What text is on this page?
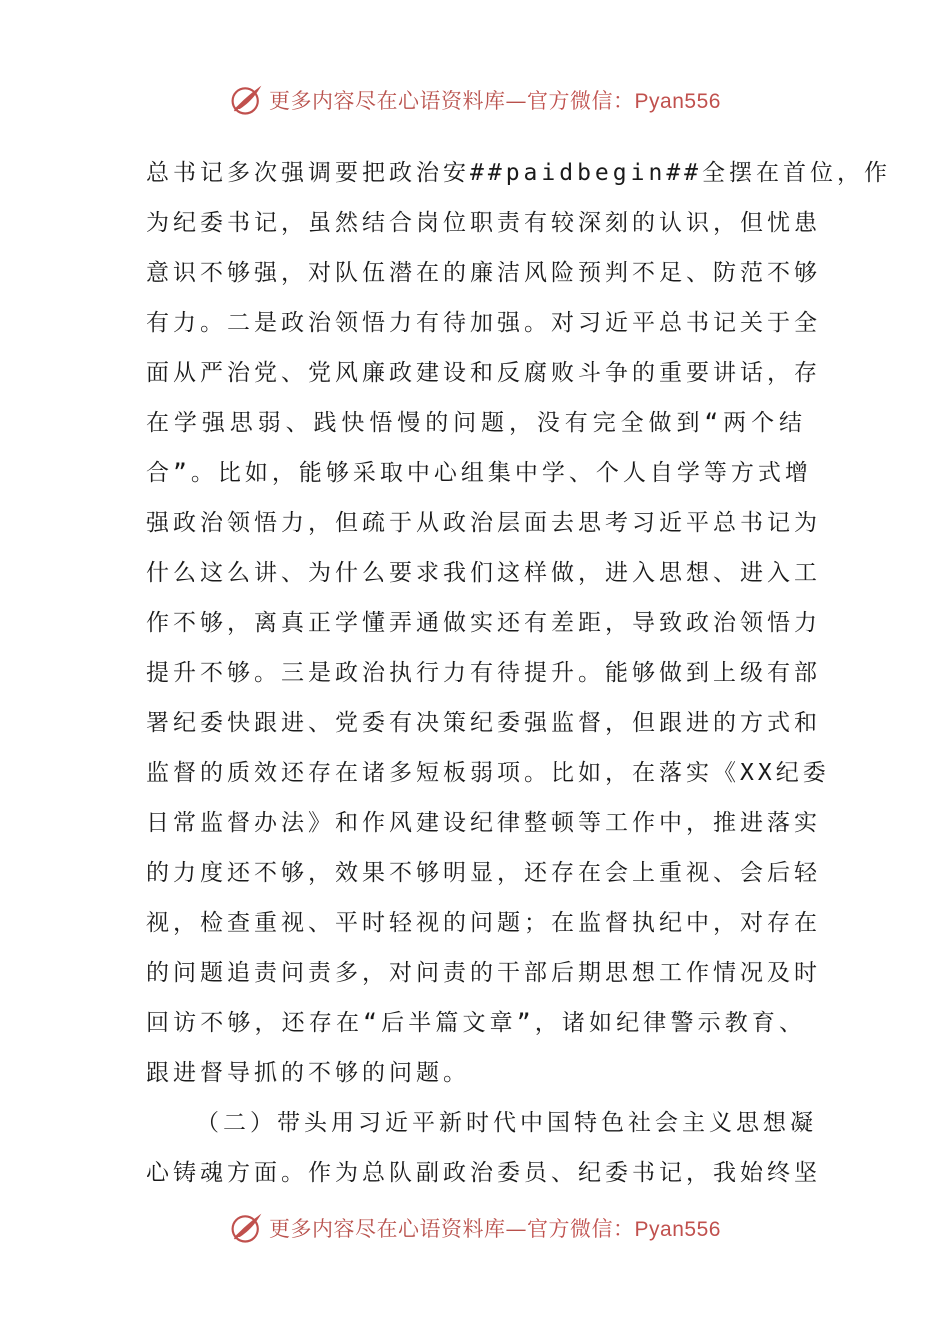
更多内容尽在心语资料库—官方微信：Pyan556
总书记多次强调要把政治安##paidbegin##全摆在首位，作
为纪委书记，虽然结合岗位职责有较深刻的认识，但忧患
意识不够强，对队伍潜在的廉洁风险预判不足、防范不够
有力。二是政治领悟力有待加强。对习近平总书记关于全
面从严治党、党风廉政建设和反腐败斗争的重要讲话，存
在学强思弱、践快悟慢的问题，没有完全做到“两个结
合”。比如，能够采取中心组集中学、个人自学等方式增
强政治领悟力，但疏于从政治层面去思考习近平总书记为
什么这么讲、为什么要求我们这样做，进入思想、进入工
作不够，离真正学懂弄通做实还有差距，导致政治领悟力
提升不够。三是政治执行力有待提升。能够做到上级有部
署纪委快跟进、党委有决策纪委强监督，但跟进的方式和
监督的质效还存在诸多短板弱项。比如，在落实《XX纪委
日常监督办法》和作风建设纪律整顿等工作中，推进落实
的力度还不够，效果不够明显，还存在会上重视、会后轻
视，检查重视、平时轻视的问题；在监督执纪中，对存在
的问题追责问责多，对问责的干部后期思想工作情况及时
回访不够，还存在“后半篇文章”，诸如纪律警示教育、
跟进督导抓的不够的问题。
（二）带头用习近平新时代中国特色社会主义思想凝
心铸魂方面。作为总队副政治委员、纪委书记，我始终坚
更多内容尽在心语资料库—官方微信：Pyan556
